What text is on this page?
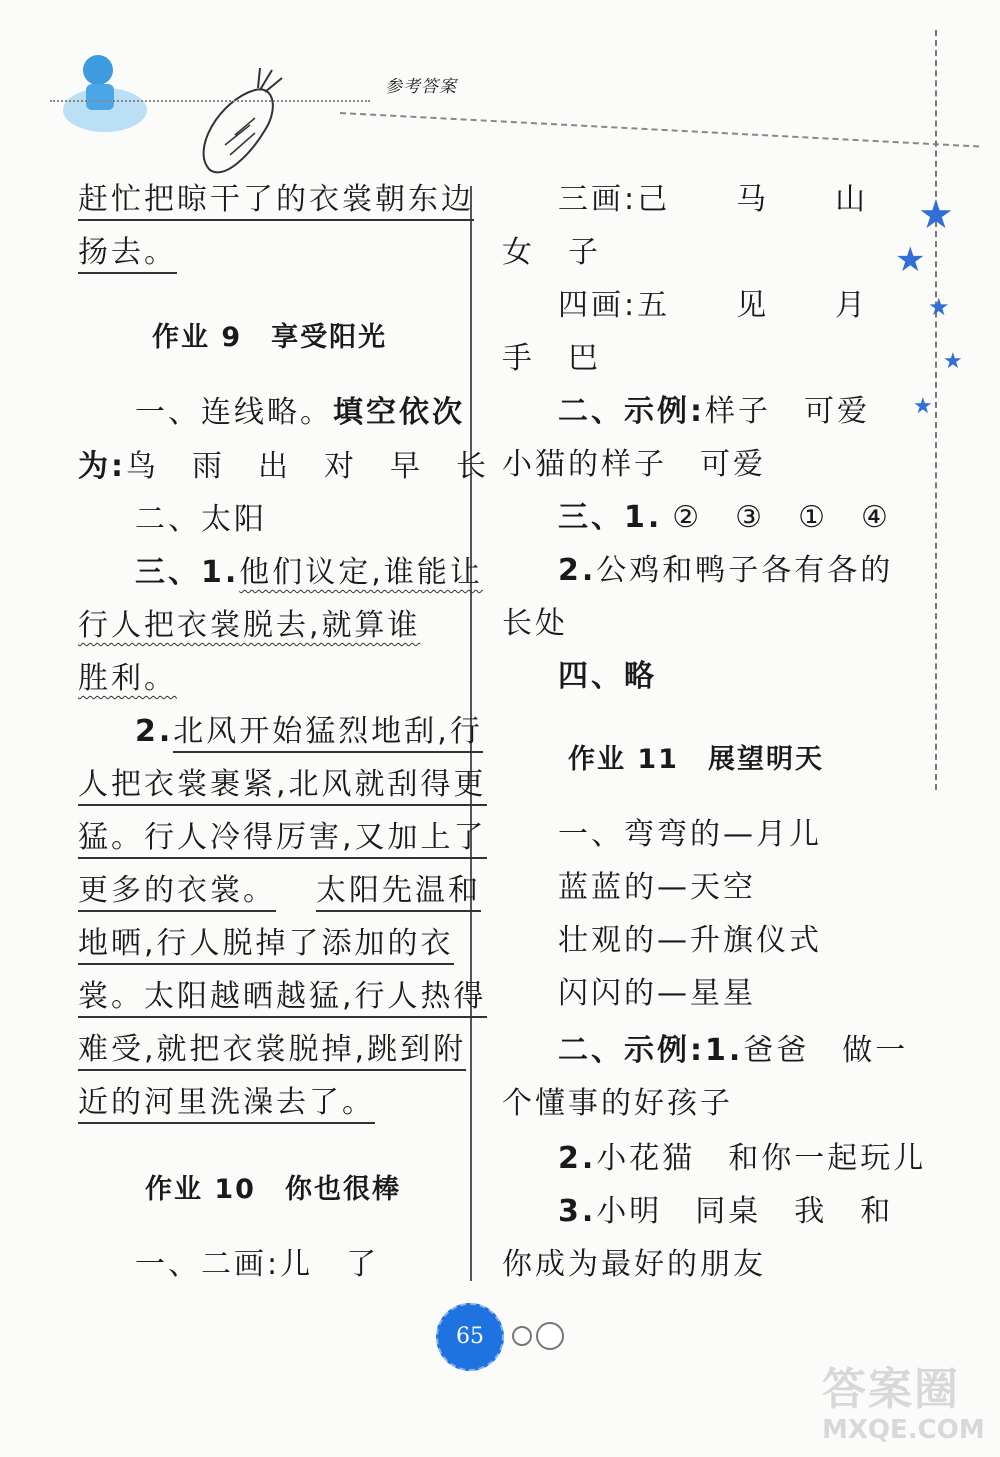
参考答案
★
★
★
★
★
赶忙把晾干了的衣裳朝东边
扬去。
作业 9　享受阳光
一、连线略。填空依次
为:鸟　雨　出　对　早　长
二、太阳
三、1.他们议定,谁能让
行人把衣裳脱去,就算谁
胜利。
2.北风开始猛烈地刮,行
人把衣裳裹紧,北风就刮得更
猛。行人冷得厉害,又加上了
更多的衣裳。 太阳先温和
地晒,行人脱掉了添加的衣
裳。太阳越晒越猛,行人热得
难受,就把衣裳脱掉,跳到附
近的河里洗澡去了。
作业 10　你也很棒
一、二画:儿　了
三画:己　　马　　山
女　子
四画:五　　见　　月
手　巴
二、示例:样子　可爱
小猫的样子　可爱
三、1. ②　③　①　④
2.公鸡和鸭子各有各的
长处
四、略
作业 11　展望明天
一、弯弯的—月儿
蓝蓝的—天空
壮观的—升旗仪式
闪闪的—星星
二、示例:1.爸爸　做一
个懂事的好孩子
2.小花猫　和你一起玩儿
3.小明　同桌　我　和
你成为最好的朋友
65
答案圈
MXQE.COM
